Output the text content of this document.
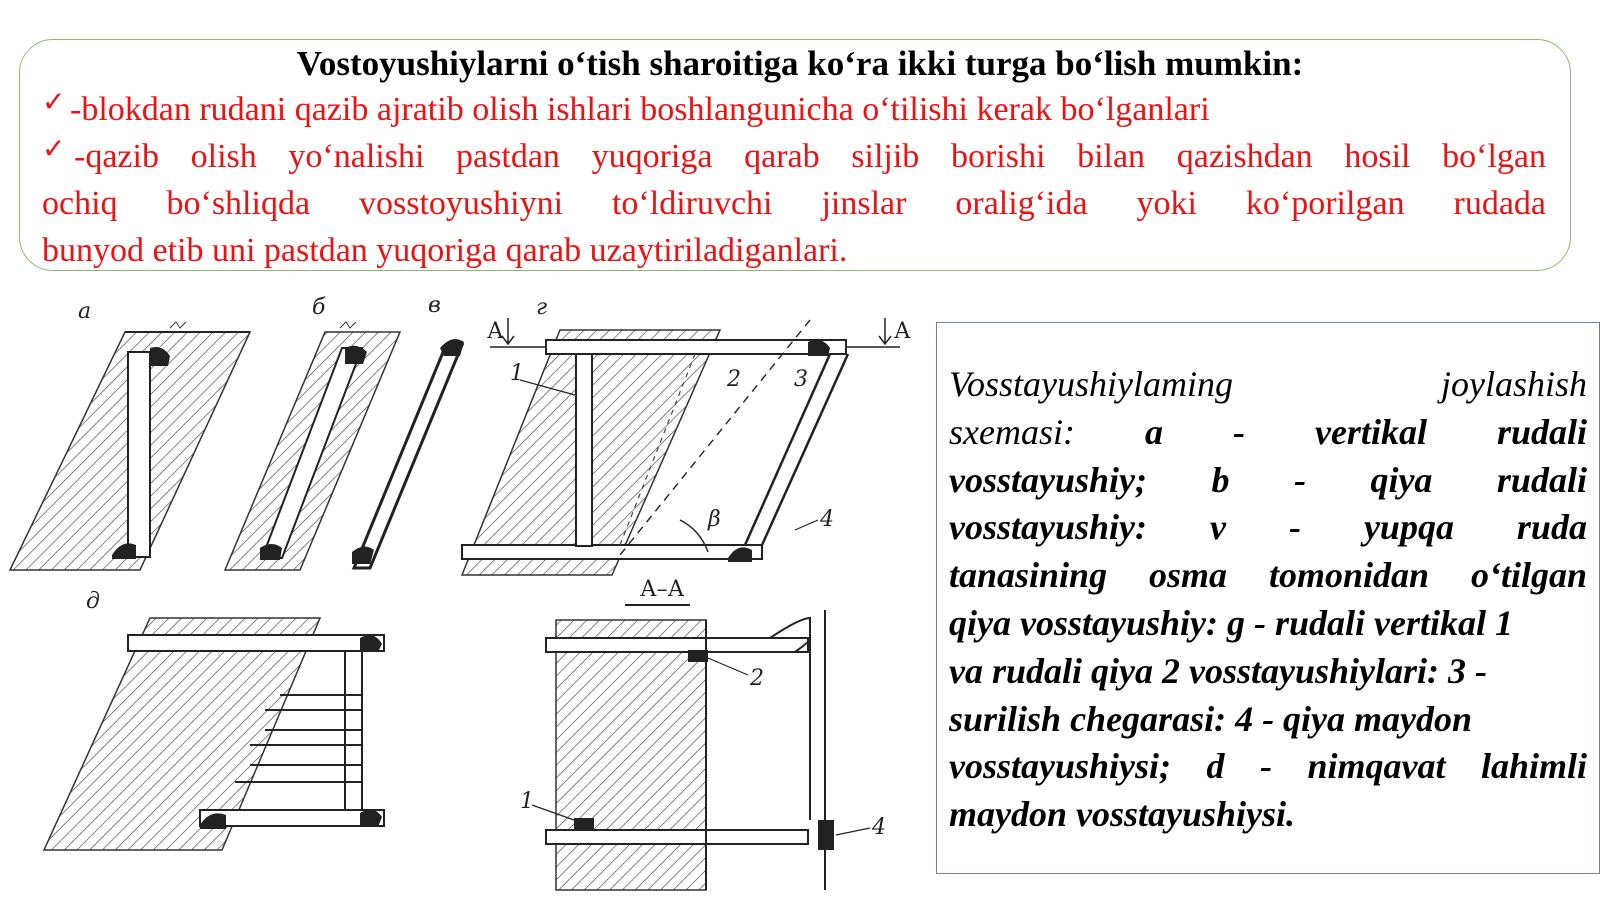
Vostoyushiylarni o‘tish sharoitiga ko‘ra ikki turga bo‘lish mumkin:

✓ -blokdan rudani qazib ajratib olish ishlari boshlangunicha o‘tilishi kerak bo‘lganlari
✓ -qazib olish yo‘nalishi pastdan yuqoriga qarab siljib borishi bilan qazishdan hosil bo‘lgan
ochiq bo‘shliqda vosstoyushiyni to‘ldiruvchi jinslar oralig‘ida yoki ko‘porilgan rudada
bunyod etib uni pastdan yuqoriga qarab uzaytiriladiganlari.
а	б	в	г
А	А
β
1	2 3
4
д	А–А
2
1
4
Vosstayushiylaming	joylashish
sxemasi: a - vertikal rudali
vosstayushiy; b - qiya rudali
vosstayushiy: v - yupqa ruda
tanasining osma tomonidan o‘tilgan
qiya vosstayushiy: g - rudali vertikal 1
va rudali qiya 2 vosstayushiylari: 3 -
surilish chegarasi: 4 - qiya maydon
vosstayushiysi; d - nimqavat lahimli
maydon vosstayushiysi.
